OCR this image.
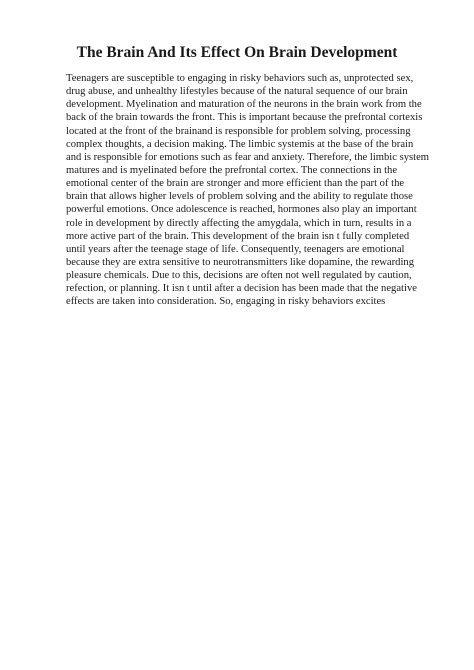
The Brain And Its Effect On Brain Development
Teenagers are susceptible to engaging in risky behaviors such as, unprotected sex,
drug abuse, and unhealthy lifestyles because of the natural sequence of our brain
development. Myelination and maturation of the neurons in the brain work from the
back of the brain towards the front. This is important because the prefrontal cortexis
located at the front of the brainand is responsible for problem solving, processing
complex thoughts, a decision making. The limbic systemis at the base of the brain
and is responsible for emotions such as fear and anxiety. Therefore, the limbic system
matures and is myelinated before the prefrontal cortex. The connections in the
emotional center of the brain are stronger and more efficient than the part of the
brain that allows higher levels of problem solving and the ability to regulate those
powerful emotions. Once adolescence is reached, hormones also play an important
role in development by directly affecting the amygdala, which in turn, results in a
more active part of the brain. This development of the brain isn t fully completed
until years after the teenage stage of life. Consequently, teenagers are emotional
because they are extra sensitive to neurotransmitters like dopamine, the rewarding
pleasure chemicals. Due to this, decisions are often not well regulated by caution,
refection, or planning. It isn t until after a decision has been made that the negative
effects are taken into consideration. So, engaging in risky behaviors excites
